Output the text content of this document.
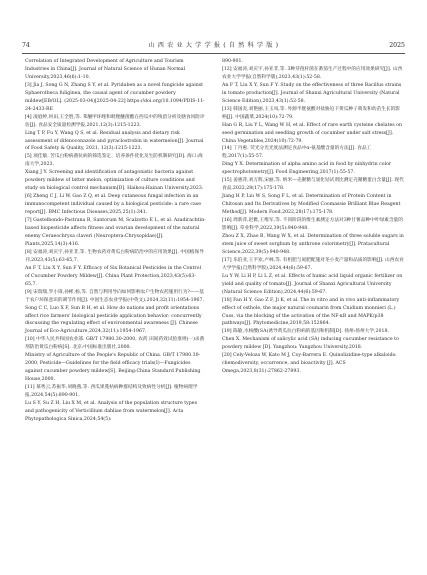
74	山 西 农 业 大 学 学 报 ( 自 然 科 学 版 )	2025

Correlation of Integrated Development of Agriculture and Tourism Industries in China[J]. Journal of Natural Science of Hunan Normal University,2023,46(6):1-10.

[3] Jia J, Song G N, Zhang S Y, et al. Pyridaben as a novel fungicide against Sphaerotheca fuliginea, the causal agent of cucumber powdery mildew[EB/OL]. (2025-03-04)[2025-04-22] https://doi.org/10.1094/PDIS-11-24-2433-RE

[4] 凌庭婷,何田,王全胜,等. 苯醚甲环唑和吡唑醚菌酯在西瓜中的残留分析及膳食风险评估[J]. 食品安全质量检测学报,2021,12(3):1215-1223.

Ling T P, Fu Y, Wang Q S, et al. Residual analysis and dietary risk assessment of difenoconazole and pyraclostrobin in watermelon[J]. Journal of Food Safety & Quality, 2021, 12(3):1215-1223.

[5] 项佳敏. 苦瓜白粉病菌抗病的筛选鉴定、培养条件优化及生防机制研究[D]. 海口:海南大学,2023.

Xiang J Y. Screening and identification of antagonistic bacteria against powdery mildew of bitter melon, optimization of culture conditions and study on biological control mechanism[D]. Haikou:Hainan University,2023.

[6] Zheng C J, Li W, Gao Z Q, et al. Deep cutaneous fungal infection in an immunocompetent individual caused by a biological pesticide: a rare case report[J]. BMC Infectious Diseases,2025,25(1):341.

[7] Gastelbondo-Pastrana B, Santorum M, Scalzotto E L, et al. Azadirachtin-based biopesticide affects fitness and ovarian development of the natural enemy Ceraeochrysa claveri (Neuroptera:Chrysopidae)[J]. Plants,2025,14(3):416.

[8] 安福涛,刘庆宇,孙亚非,等. 生物农药对黄瓜白粉病防治中的应用效果[J]. 中国植保导刊,2023,43(5):63-65,7.

An F T, Liu X Y, Sun F Y. Efficacy of Six Botanical Pesticides in the Control of Cucumber Powdery Mildew[J]. China Plant Protection,2023,43(5):63-65,7.

[9] 宋瑞瑞,罗小锋,孙彬,杨,等. 自然与利用导向如何影响农户生物农药施用行为?——基于农户环保意识的调节作用[J]. 中国生态农业学报(中英文),2024,32(11):1954-1967.

Song C C, Luo X F, Sun B H, et al. How do nations and profit orientations affect rice farmers' biological pesticide application behavior: concurrently discussing the regulating effect of environmental awareness [J]. Chinese Journal of Eco-Agriculture,2024,32(11):1954-1967.

[10] 中华人民共和国农业部. GB/T 17980.30-2000, 农药 田间药效试验准则(一)杀菌剂防治黄瓜白粉病[S]. 北京:中国标准出版社,2000.

Ministry of Agriculture of the People's Republic of China. GB/T 17980.30-2000, Pesticide—Guidelines for the field efficacy trials(I)—Fungicides against cucumber powdery mildew[S]. Beijing:China Standard Publishing House,2000.

[11] 慕秀云,苏振华,刘晓燕,等. 西瓜果蔓枯病种群结构及致病性分析[J]. 植物病理学报,2024,54(5):890-901.

Lu S Y, Su Z H, Liu X M, et al. Analysis of the population structure types and pathogenicity of Verticillium dahliae from watermelon[J]. Acta Phytopathologica Sinica,2024,54(5):

890-901.

[12] 安福涛,刘庆宇,孙亚非,等. 3种芽孢杆菌在番茄生产过程中的应用效果研究[J]. 山西农业大学学报(自然科学版),2023,43(1):52-58.

An F T, Liu X Y, Sun F Y. Study on the effectiveness of three Bacillus strains in tomato production[J]. Journal of Shanxi Agricultural University (Natural Science Edition),2023,43(1):52-58.

[13] 韩国炎,刘艳丽,王玉凤,等. 外源半胱氨酸对盐胁迫下黄瓜种子萌发和幼苗生长的影响[J]. 中国蔬菜,2024(10):72-79.

Han G R, Liu Y L, Wang W H, et al. Effect of rare earth cysteine chelates on seed germination and seedling growth of cucumber under salt stress[J]. China Vegetables,2024(10):72-79.

[14] 丁丹惠. 荧光分光光度法测定食品中α-氨基酸含量的方法[J]. 食品工程,2017(1):55-57.

Ding Y X. Determination of alpha amino acid in food by ninhydrin color spectrophotometry[J]. Food Engineering,2017(1):55-57.

[15] 姜惠萍,刘万辉,宋丽,等. 纳米—壳聚糖与氯化钴试剂比测定壳聚糖蛋白含量[J]. 现代食品,2022,28(17):175-178.

Jiang H P, Liu W S, Song F L, et al. Determination of Protein Content in Chitosan and Its Derivatives by Modified Coomassie Brilliant Blue Reagent Method[J]. Modern Food,2022,28(17):175-178.

[16] 周新萍,赵雅,王维军,等. 不同阶段的维生素测定方法对3种甘薯品种中叶绿素含量的影响[J]. 草业科学,2022,39(5):940-948.

Zhou Z X, Zhao B, Wang W X, et al. Determination of three soluble sugars in stem juice of sweet sorghum by anthrone colorimetry[J]. Pratacultural Science,2022,39(5):940-948.

[17] 乐伯亚,王平欢,卢林,等. 有机肥与氮肥配施对冬小麦产量和品质的影响[J]. 山西农业大学学报(自然科学版),2024,44(6):59-67.

Lu Y W, Li H P, Li L Z, et al. Effects of humic acid liquid organic fertilizer on yield and quality of tomato[J]. Journal of Shanxi Agricultural University (Natural Science Edition),2024,44(6):59-67.

[18] Fan H Y, Gao Z F, Ji K, et al. The in vitro and in vivo anti-inflammatory effect of osthole, the major natural coumarin from Cnidium monnieri (L.) Cuss, via the blocking of the activation of the NF-κB and MAPK/p38 pathways[J]. Phytomedicine,2019,58:152864.

[19] 陈敏,水杨酸(SA)诱导黄瓜抗白粉病的基因和机制[D]. 扬州:扬州大学,2018.

Chen X. Mechanism of salicylic acid (SA) inducing cucumber resistance to powdery mildew [D]. Yangzhou: Yangzhou University,2018.

[20] Cely-Veloza W, Kato M J, Coy-Barrera E. Quinolizidine-type alkaloids: chemodiversity, occurrence, and bioactivity [J]. ACS Omega,2023,8(31):27862-27893.
